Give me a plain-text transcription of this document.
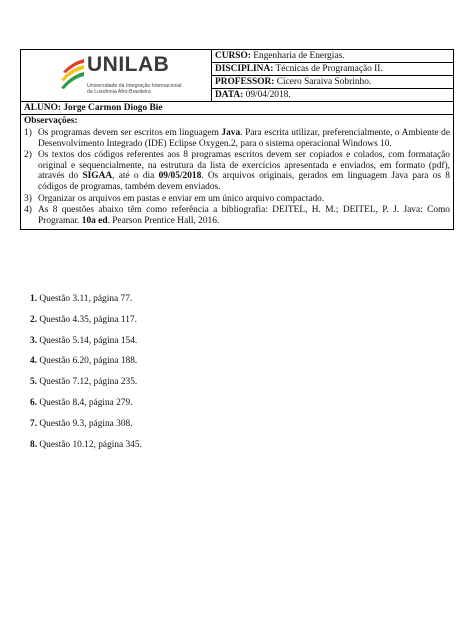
UNILAB
Universidade da Integração Internacional
da Lusofonia Afro-Brasileira
	CURSO: Engenharia de Energias.
DISCIPLINA: Técnicas de Programação II.
PROFESSOR: Cícero Saraiva Sobrinho.
DATA: 09/04/2018.
ALUNO: Jorge Carmon Diogo Bie

Observações:
1) Os programas devem ser escritos em linguagem Java. Para escrita utilizar, preferencialmente, o Ambiente de Desenvolvimento Integrado (IDE) Eclipse Oxygen.2, para o sistema operacional Windows 10.
2) Os textos dos códigos referentes aos 8 programas escritos devem ser copiados e colados, com formatação original e sequencialmente, na estrutura da lista de exercícios apresentada e enviados, em formato (pdf), através do SIGAA, até o dia 09/05/2018. Os arquivos originais, gerados em linguagem Java para os 8 códigos de programas, também devem enviados.
3) Organizar os arquivos em pastas e enviar em um único arquivo compactado.
4) As 8 questões abaixo têm como referência a bibliografia: DEITEL, H. M.; DEITEL, P. J. Java: Como Programar. 10a ed. Pearson Prentice Hall, 2016.
1. Questão 3.11, página 77.
2. Questão 4.35, página 117.
3. Questão 5.14, página 154.
4. Questão 6.20, página 188.
5. Questão 7.12, página 235.
6. Questão 8.4, página 279.
7. Questão 9.3, página 308.
8. Questão 10.12, página 345.
